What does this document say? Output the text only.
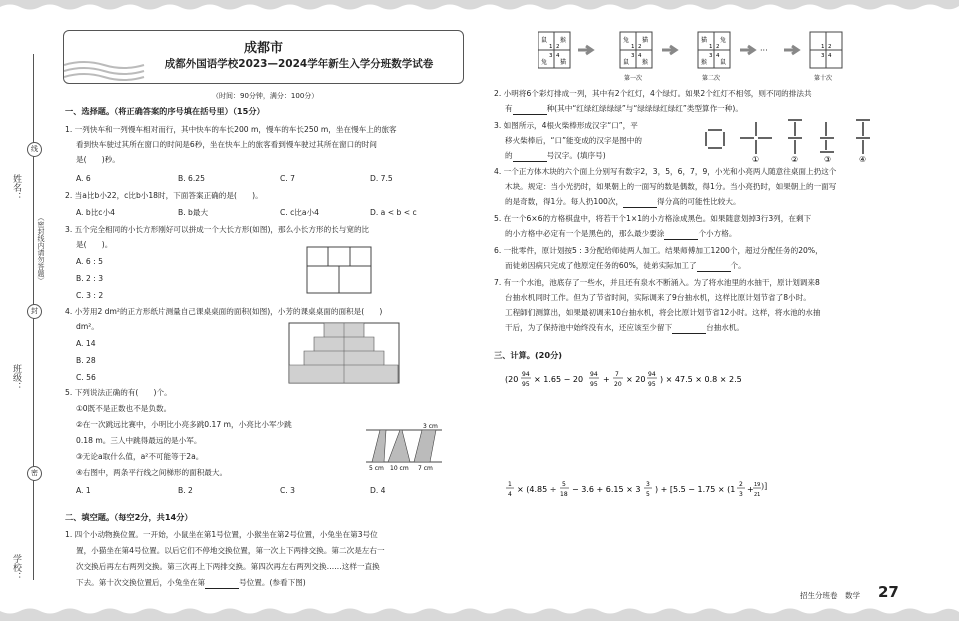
线
封
密
姓名：
（密封线内请勿答题）
班级：
学校：
成都市
成都外国语学校2023—2024学年新生入学分班数学试卷
（时间：90分钟，满分：100分）
一、选择题。（将正确答案的序号填在括号里）（15分）
1. 一列快车和一列慢车相对而行，其中快车的车长200 m，慢车的车长250 m，坐在慢车上的旅客
看到快车驶过其所在窗口的时间是6秒，坐在快车上的旅客看到慢车驶过其所在窗口的时间
是(　　)秒。
A. 6	B. 6.25	C. 7	D. 7.5
2. 当a比b小22，c比b小18时，下面答案正确的是(　　)。
A. b比c小4	B. b最大	C. c比a小4	D. a < b < c
3. 五个完全相同的小长方形刚好可以拼成一个大长方形(如图)，那么小长方形的长与宽的比
是(　　)。
A. 6 : 5
B. 2 : 3
C. 3 : 2
4. 小芳用2 dm²的正方形纸片测量自己课桌桌面的面积(如图)，小芳的课桌桌面的面积是(　　)
dm²。
A. 14
B. 28
C. 56
5. 下列说法正确的有(　　)个。
①0既不是正数也不是负数。
②在一次跳远比赛中，小明比小亮多跳0.17 m，小亮比小军少跳
0.18 m。三人中跳得最远的是小军。
③无论a取什么值，a²不可能等于2a。
④右图中，两条平行线之间梯形的面积最大。
A. 1	B. 2	C. 3	D. 4
3 cm
5 cm 10 cm 7 cm
二、填空题。（每空2分，共14分）
1. 四个小动物换位置。一开始，小鼠坐在第1号位置，小猴坐在第2号位置，小兔坐在第3号位
置，小猫坐在第4号位置。以后它们不停地交换位置，第一次上下两排交换。第二次是左右一
次交换后再左右两列交换。第三次再上下两排交换。第四次再左右两列交换……这样一直换
下去。第十次交换位置后，小兔坐在第	号位置。(参看下图)
鼠 猴
兔 猫
1 2
3 4
兔 猫
鼠 猴
1 2
3 4
第一次
猫 兔
猴 鼠
1 2
3 4
第二次
···	1 2
3 4
第十次
2. 小明将6个彩灯排成一列，其中有2个红灯，4个绿灯。如果2个红灯不相邻，则不同的排法共
有	种(其中“红绿红绿绿绿”与“绿绿绿红绿红”类型算作一种)。
3. 如图所示，4根火柴棒形成汉字“口”，平
移火柴棒后，“口”能变成的汉字是图中的
的	号汉字。(填序号)	①	②	③	④
4. 一个正方体木块的六个面上分别写有数字2，3，5，6，7，9，小光和小亮两人随意往桌面上扔这个
木块。规定：当小光扔时，如果朝上的一面写的数是偶数，得1分。当小亮扔时，如果朝上的一面写
的是奇数，得1分。每人扔100次，	得分高的可能性比较大。
5. 在一个6×6的方格棋盘中，将若干个1×1的小方格涂成黑色。如果随意划掉3行3列，在剩下
的小方格中必定有一个是黑色的，那么最少要涂	个小方格。
6. 一批零件，原计划按5 : 3分配给师徒两人加工。结果师傅加工1200个，超过分配任务的20%，
而徒弟因病只完成了他原定任务的60%，徒弟实际加工了	个。
7. 有一个水池，池底存了一些水，并且还有泉水不断涌入。为了将水池里的水抽干，原计划调来8
台抽水机同时工作。但为了节省时间，实际调来了9台抽水机，这样比原计划节省了8小时。
工程師们测算出，如果最初调来10台抽水机，将会比原计划节省12小时。这样，将水池的水抽
干后，为了保持池中始终没有水，还应该至少留下	台抽水机。
三、计算。(20分)
(20
94
95
× 1.65 − 20
94
95
+
7
20
× 20
94
95
) × 47.5 × 0.8 × 2.5
1
4
× (4.85 ÷
5
18
− 3.6 + 6.15 × 3
3
5
) + [5.5 − 1.75 × (1
2
3
+ 19
21
)]
招生分班卷　数学 27
